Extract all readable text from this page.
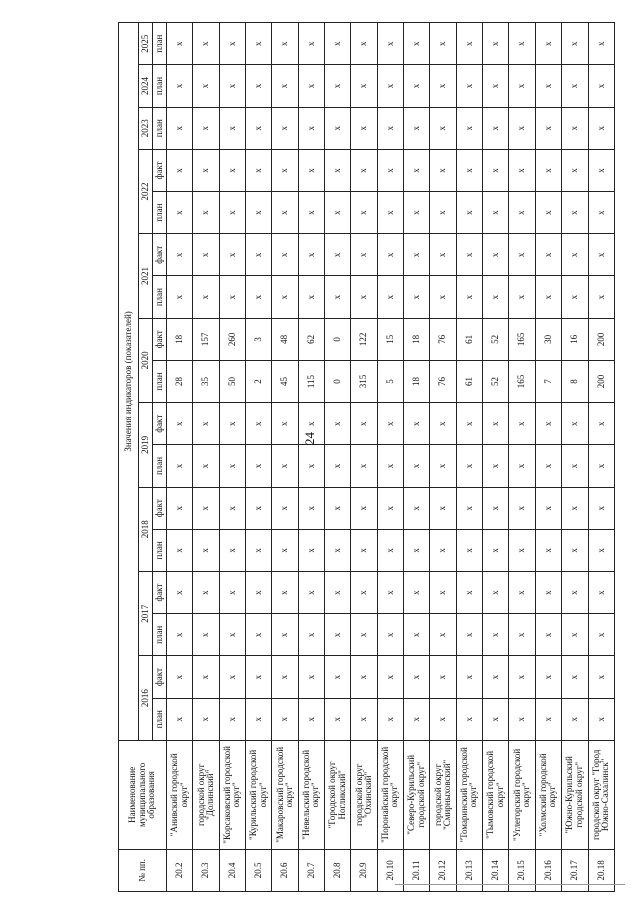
24
№ пп.	Наименование муниципального образования	Значения индикаторов (показателей)																
		2016		2017		2018		2019		2020		2021		2022		2023	2024	2025
		план	факт	план	факт	план	факт	план	факт	план	факт	план	факт	план	факт	план	план	план
20.2	"Анивский городской округ"	x	x	x	x	x	x	x	x	28	18	x	x	x	x	x	x	x
20.3	городской округ "Долинский"	x	x	x	x	x	x	x	x	35	157	x	x	x	x	x	x	x
20.4	"Корсаковский городской округ"	x	x	x	x	x	x	x	x	50	260	x	x	x	x	x	x	x
20.5	"Курильский городской округ"	x	x	x	x	x	x	x	x	2	3	x	x	x	x	x	x	x
20.6	"Макаровский городской округ"	x	x	x	x	x	x	x	x	45	48	x	x	x	x	x	x	x
20.7	"Невельский городской округ"	x	x	x	x	x	x	x	x	115	62	x	x	x	x	x	x	x
20.8	"Городской округ Ногликский"	x	x	x	x	x	x	x	x	0	0	x	x	x	x	x	x	x
20.9	городской округ "Охинский"	x	x	x	x	x	x	x	x	315	122	x	x	x	x	x	x	x
20.10	"Поронайский городской округ"	x	x	x	x	x	x	x	x	5	15	x	x	x	x	x	x	x
20.11	"Северо-Курильский городской округ"	x	x	x	x	x	x	x	x	18	18	x	x	x	x	x	x	x
20.12	городской округ "Смирныховский"	x	x	x	x	x	x	x	x	76	76	x	x	x	x	x	x	x
20.13	"Томаринский городской округ"	x	x	x	x	x	x	x	x	61	61	x	x	x	x	x	x	x
20.14	"Тымовский городской округ"	x	x	x	x	x	x	x	x	52	52	x	x	x	x	x	x	x
20.15	"Углегорский городской округ"	x	x	x	x	x	x	x	x	165	165	x	x	x	x	x	x	x
20.16	"Холмский городской округ"	x	x	x	x	x	x	x	x	7	30	x	x	x	x	x	x	x
20.17	"Южно-Курильский городской округ"	x	x	x	x	x	x	x	x	8	16	x	x	x	x	x	x	x
20.18	городской округ "Город Южно-Сахалинск"	x	x	x	x	x	x	x	x	200	200	x	x	x	x	x	x	x
